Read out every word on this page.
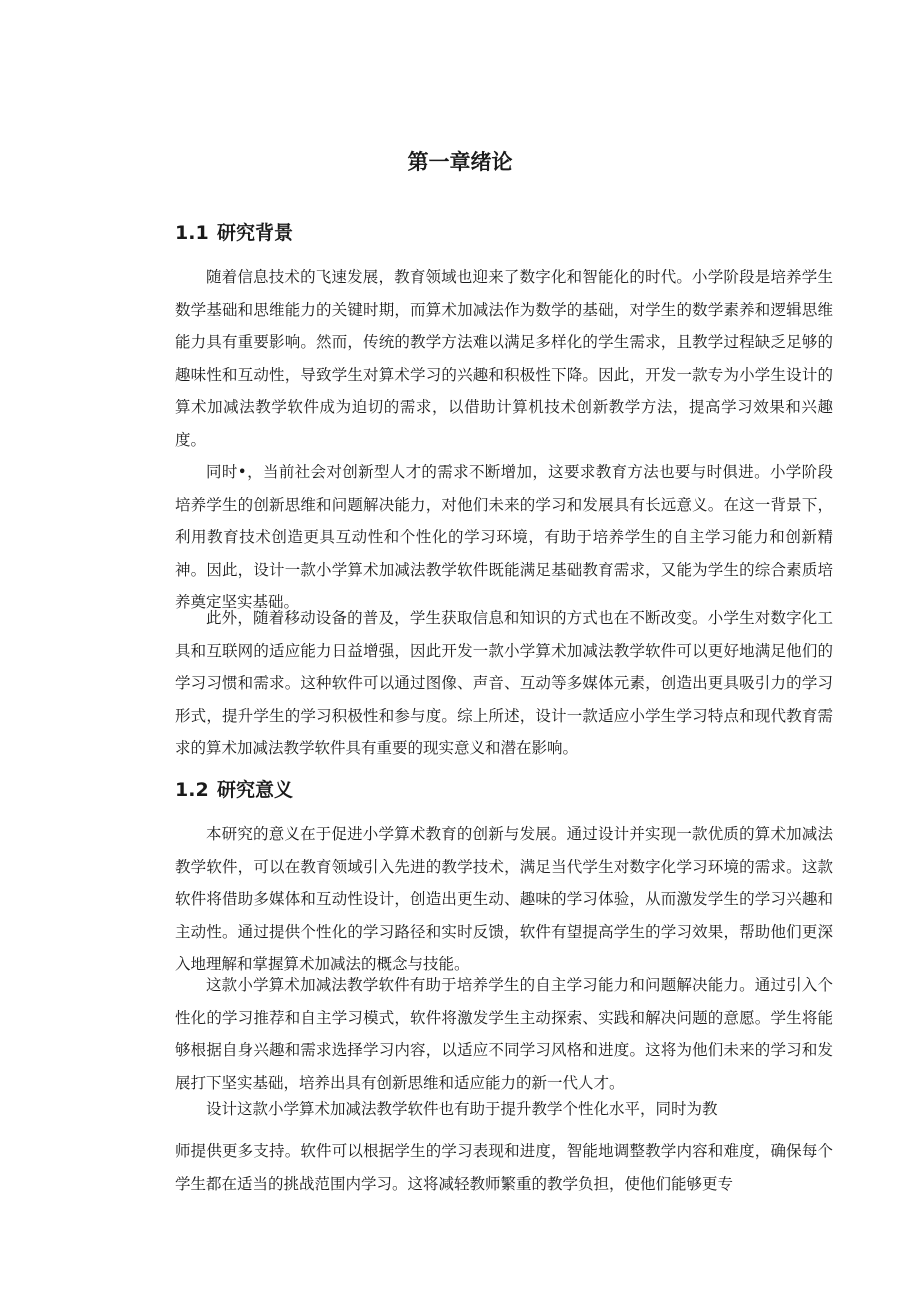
第一章绪论
1.1 研究背景

随着信息技术的飞速发展，教育领域也迎来了数字化和智能化的时代。小学阶段是培养学生数学基础和思维能力的关键时期，而算术加减法作为数学的基础，对学生的数学素养和逻辑思维能力具有重要影响。然而，传统的教学方法难以满足多样化的学生需求，且教学过程缺乏足够的趣味性和互动性，导致学生对算术学习的兴趣和积极性下降。因此，开发一款专为小学生设计的算术加减法教学软件成为迫切的需求，以借助计算机技术创新教学方法，提高学习效果和兴趣度。

同时•，当前社会对创新型人才的需求不断增加，这要求教育方法也要与时俱进。小学阶段培养学生的创新思维和问题解决能力，对他们未来的学习和发展具有长远意义。在这一背景下，利用教育技术创造更具互动性和个性化的学习环境，有助于培养学生的自主学习能力和创新精神。因此，设计一款小学算术加减法教学软件既能满足基础教育需求，又能为学生的综合素质培养奠定坚实基础。

此外，随着移动设备的普及，学生获取信息和知识的方式也在不断改变。小学生对数字化工具和互联网的适应能力日益增强，因此开发一款小学算术加减法教学软件可以更好地满足他们的学习习惯和需求。这种软件可以通过图像、声音、互动等多媒体元素，创造出更具吸引力的学习形式，提升学生的学习积极性和参与度。综上所述，设计一款适应小学生学习特点和现代教育需求的算术加减法教学软件具有重要的现实意义和潜在影响。

1.2 研究意义

本研究的意义在于促进小学算术教育的创新与发展。通过设计并实现一款优质的算术加减法教学软件，可以在教育领域引入先进的教学技术，满足当代学生对数字化学习环境的需求。这款软件将借助多媒体和互动性设计，创造出更生动、趣味的学习体验，从而激发学生的学习兴趣和主动性。通过提供个性化的学习路径和实时反馈，软件有望提高学生的学习效果，帮助他们更深入地理解和掌握算术加减法的概念与技能。

这款小学算术加减法教学软件有助于培养学生的自主学习能力和问题解决能力。通过引入个性化的学习推荐和自主学习模式，软件将激发学生主动探索、实践和解决问题的意愿。学生将能够根据自身兴趣和需求选择学习内容，以适应不同学习风格和进度。这将为他们未来的学习和发展打下坚实基础，培养出具有创新思维和适应能力的新一代人才。

设计这款小学算术加减法教学软件也有助于提升教学个性化水平，同时为教

师提供更多支持。软件可以根据学生的学习表现和进度，智能地调整教学内容和难度，确保每个学生都在适当的挑战范围内学习。这将减轻教师繁重的教学负担，使他们能够更专
